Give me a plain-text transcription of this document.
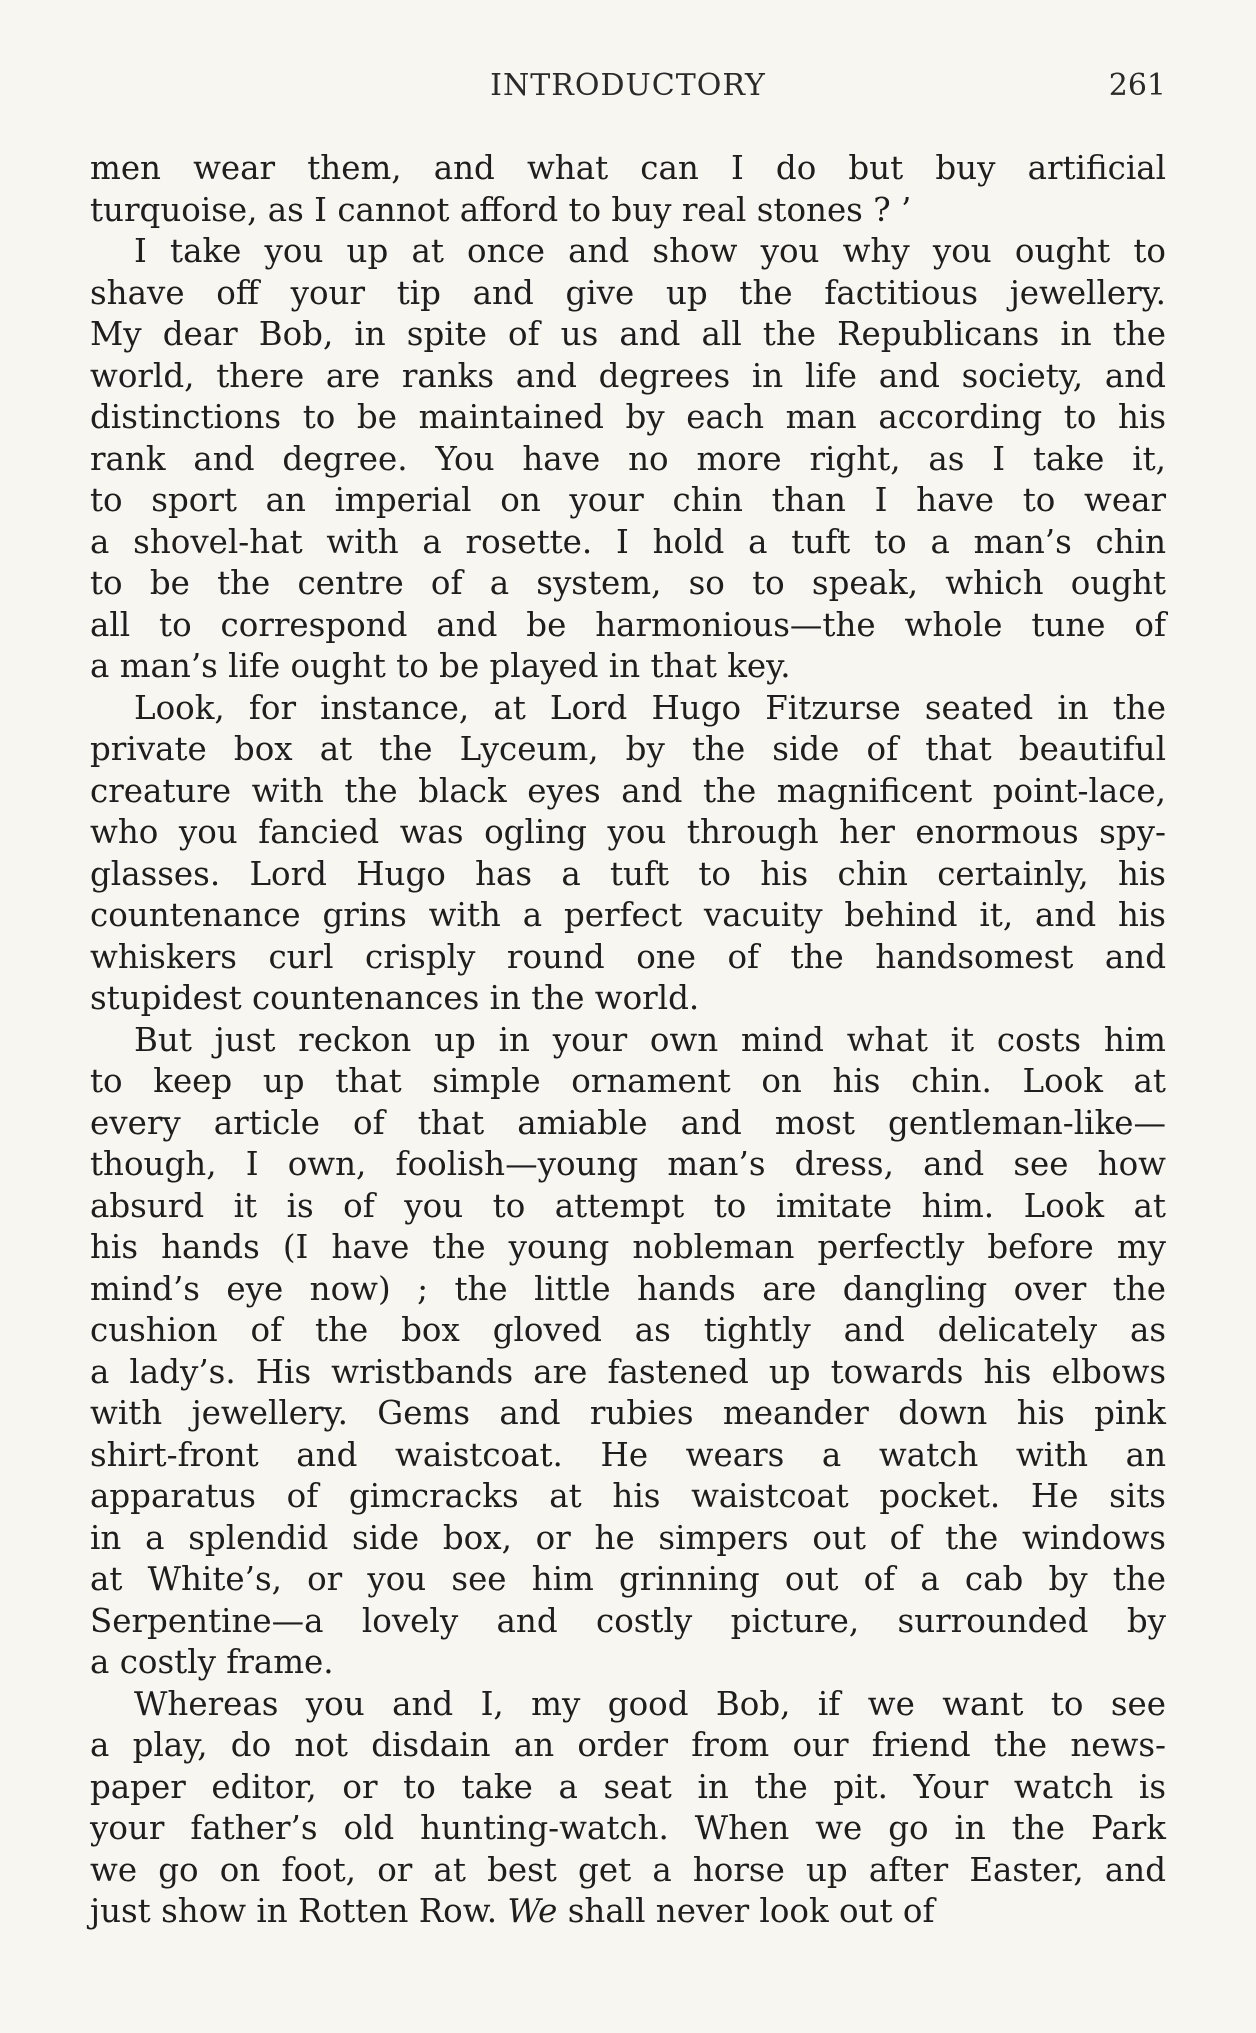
INTRODUCTORY	261
men wear them, and what can I do but buy artificial
turquoise, as I cannot afford to buy real stones ? ’
I take you up at once and show you why you ought to
shave off your tip and give up the factitious jewellery.
My dear Bob, in spite of us and all the Republicans in the
world, there are ranks and degrees in life and society, and
distinctions to be maintained by each man according to his
rank and degree. You have no more right, as I take it,
to sport an imperial on your chin than I have to wear
a shovel-hat with a rosette. I hold a tuft to a man’s chin
to be the centre of a system, so to speak, which ought
all to correspond and be harmonious—the whole tune of
a man’s life ought to be played in that key.
Look, for instance, at Lord Hugo Fitzurse seated in the
private box at the Lyceum, by the side of that beautiful
creature with the black eyes and the magnificent point-lace,
who you fancied was ogling you through her enormous spy-
glasses. Lord Hugo has a tuft to his chin certainly, his
countenance grins with a perfect vacuity behind it, and his
whiskers curl crisply round one of the handsomest and
stupidest countenances in the world.
But just reckon up in your own mind what it costs him
to keep up that simple ornament on his chin. Look at
every article of that amiable and most gentleman-like—
though, I own, foolish—young man’s dress, and see how
absurd it is of you to attempt to imitate him. Look at
his hands (I have the young nobleman perfectly before my
mind’s eye now) ; the little hands are dangling over the
cushion of the box gloved as tightly and delicately as
a lady’s. His wristbands are fastened up towards his elbows
with jewellery. Gems and rubies meander down his pink
shirt-front and waistcoat. He wears a watch with an
apparatus of gimcracks at his waistcoat pocket. He sits
in a splendid side box, or he simpers out of the windows
at White’s, or you see him grinning out of a cab by the
Serpentine—a lovely and costly picture, surrounded by
a costly frame.
Whereas you and I, my good Bob, if we want to see
a play, do not disdain an order from our friend the news-
paper editor, or to take a seat in the pit. Your watch is
your father’s old hunting-watch. When we go in the Park
we go on foot, or at best get a horse up after Easter, and
just show in Rotten Row. We shall never look out of
